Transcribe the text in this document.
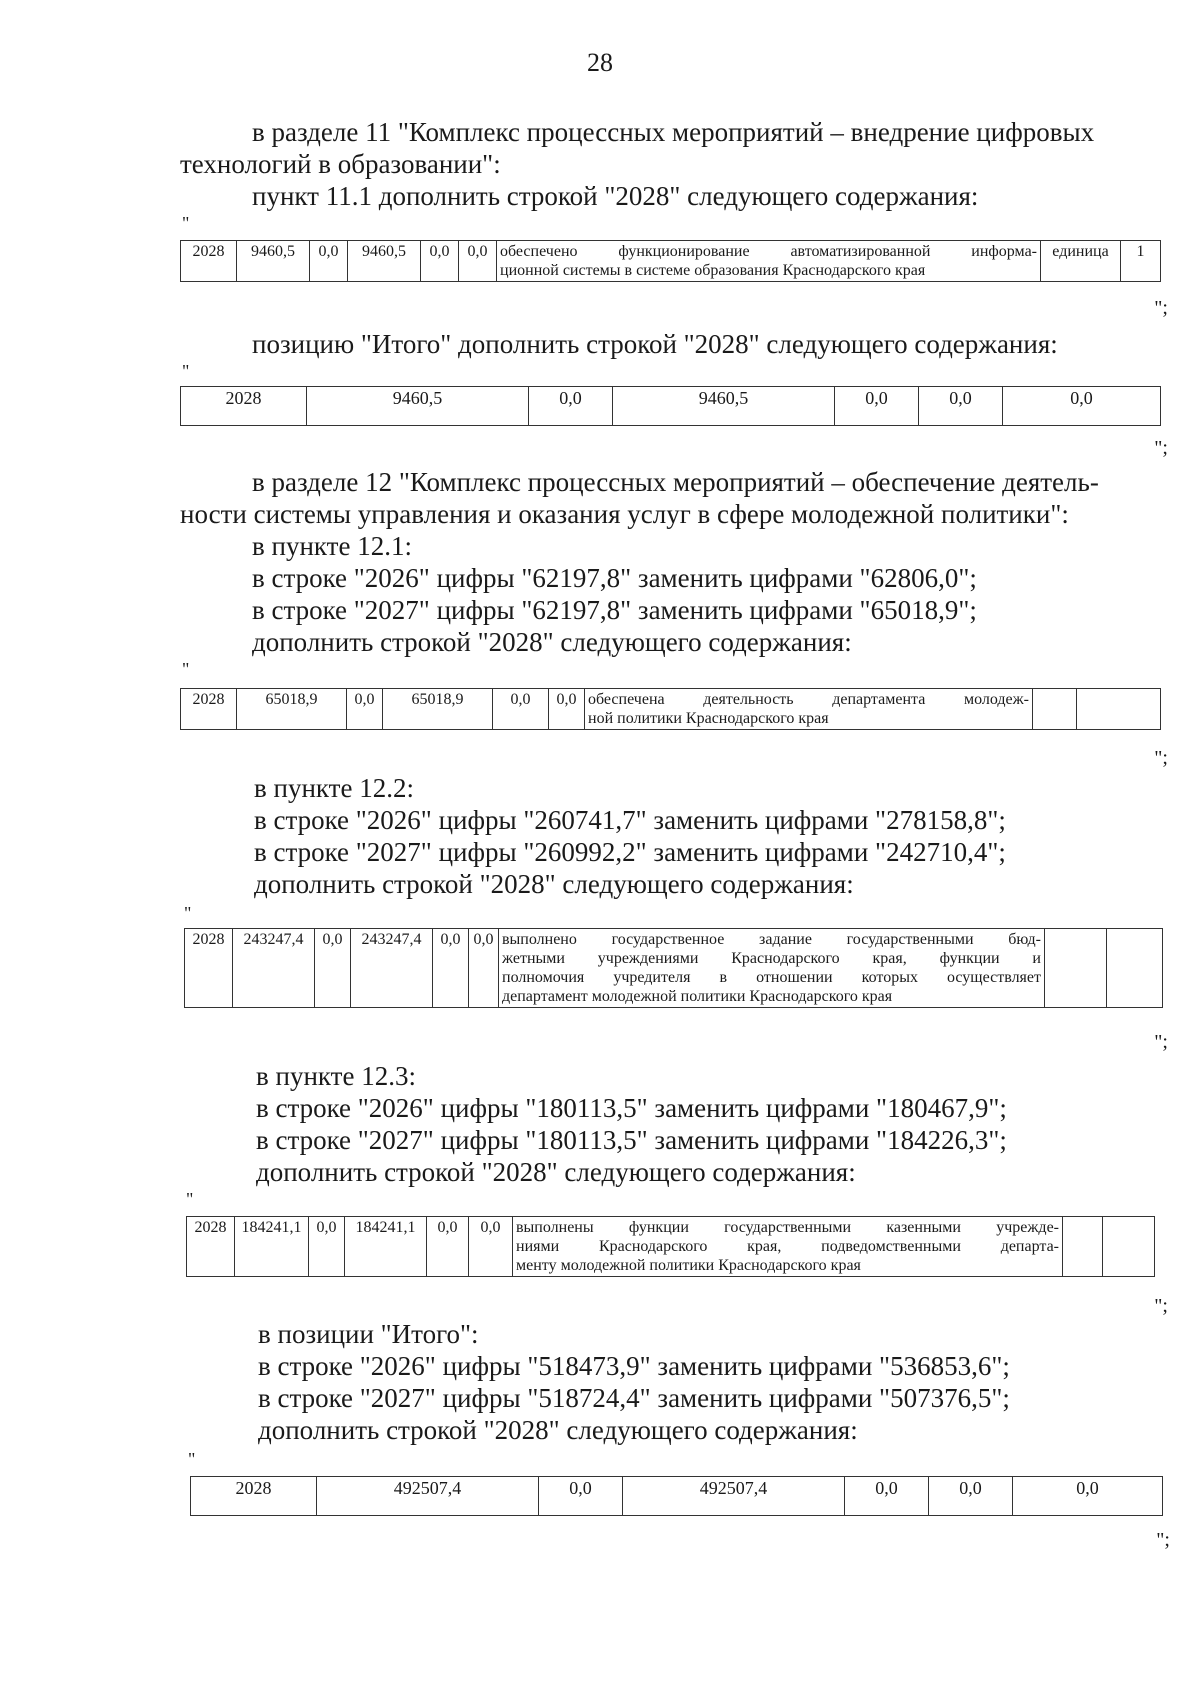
28
в разделе 11 "Комплекс процессных мероприятий – внедрение цифровых
технологий в образовании":
пункт 11.1 дополнить строкой "2028" следующего содержания:
"
2028	9460,5	0,0	9460,5	0,0	0,0	обеспечено функционирование автоматизированной информа-
ционной системы в системе образования Краснодарского края
	единица	1
";
позицию "Итого" дополнить строкой "2028" следующего содержания:
"
2028	9460,5	0,0	9460,5	0,0	0,0	0,0
";
в разделе 12 "Комплекс процессных мероприятий – обеспечение деятель-
ности системы управления и оказания услуг в сфере молодежной политики":
в пункте 12.1:
в строке "2026" цифры "62197,8" заменить цифрами "62806,0";
в строке "2027" цифры "62197,8" заменить цифрами "65018,9";
дополнить строкой "2028" следующего содержания:
"
2028	65018,9	0,0	65018,9	0,0	0,0	обеспечена деятельность департамента молодеж-
ной политики Краснодарского края

";
в пункте 12.2:
в строке "2026" цифры "260741,7" заменить цифрами "278158,8";
в строке "2027" цифры "260992,2" заменить цифрами "242710,4";
дополнить строкой "2028" следующего содержания:
"
2028	243247,4	0,0	243247,4	0,0	0,0	выполнено государственное задание государственными бюд-
жетными учреждениями Краснодарского края, функции и
полномочия учредителя в отношении которых осуществляет
департамент молодежной политики Краснодарского края

";
в пункте 12.3:
в строке "2026" цифры "180113,5" заменить цифрами "180467,9";
в строке "2027" цифры "180113,5" заменить цифрами "184226,3";
дополнить строкой "2028" следующего содержания:
"
2028	184241,1	0,0	184241,1	0,0	0,0	выполнены функции государственными казенными учрежде-
ниями Краснодарского края, подведомственными департа-
менту молодежной политики Краснодарского края

";
в позиции "Итого":
в строке "2026" цифры "518473,9" заменить цифрами "536853,6";
в строке "2027" цифры "518724,4" заменить цифрами "507376,5";
дополнить строкой "2028" следующего содержания:
"
2028	492507,4	0,0	492507,4	0,0	0,0	0,0
";
